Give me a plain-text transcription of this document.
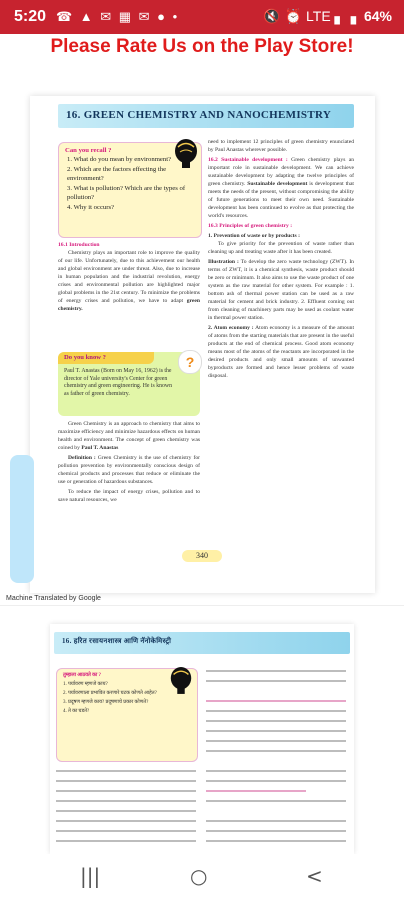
5:20 ☎ ▲ ✉ ▦ ✉ ● •	🔇 ⏰ LTE ▖▗ 64%
Please Rate Us on the Play Store!
16. GREEN CHEMISTRY AND NANOCHEMISTRY
Can you recall ?
1. What do you mean by environment?
2. Which are the factors effecting the environment?
3. What is pollution? Which are the types of pollution?
4. Why it occurs?
16.1 Introduction
Chemistry plays an important role to improve the quality of our life. Unfortunately, due to this achievement our health and global environment are under threat. Also, due to increase in human population and the industrial revolution, energy crises and environmental pollution are highlighted major global problems in the 21st century. To minimize the problems of energy crises and pollution, we have to adapt green chemistry.
Do you know ?
Paul T. Anastas (Born on May 16, 1962) is the director of Yale university's Center for green chemistry and green engineering. He is known as father of green chemistry.
?
Green Chemistry is an approach to chemistry that aims to maximize efficiency and minimize hazardous effects on human health and environment. The concept of green chemistry was coined by Paul T. Anastas
Definition : Green Chemistry is the use of chemistry for pollution prevention by environmentally conscious design of chemical products and processes that reduce or eliminate the use or generation of hazardous substances.
To reduce the impact of energy crises, pollution and to save natural resources, we
need to implement 12 principles of green chemistry enunciated by Paul Anastas wherever possible.
16.2 Sustainable development : Green chemistry plays an important role in sustainable development. We can achieve sustainable development by adapting the twelve principles of green chemistry. Sustainable development is development that meets the needs of the present, without compromising the ability of future generations to meet their own need. Sustainable development has been continued to evolve as that protecting the world's resources.
16.3 Principles of green chemistry :
1. Prevention of waste or by products :
To give priority for the prevention of waste rather than cleaning up and treating waste after it has been created.
Illustration : To develop the zero waste technology (ZWT). In terms of ZWT, it is a chemical synthesis, waste product should be zero or minimum. It also aims to use the waste product of one system as the raw material for other system. For example : 1. bottom ash of thermal power station can be used as a raw material for cement and brick industry. 2. Effluent coming out from cleaning of machinery parts may be used as coolant water in thermal power station.
2. Atom economy : Atom economy is a measure of the amount of atoms from the starting materials that are present in the useful products at the end of chemical process. Good atom economy means most of the atoms of the reactants are incorporated in the desired products and only small amounts of unwanted byproducts are formed and hence lesser problems of waste disposal.
340
Machine Translated by Google
16. हरित रसायनशास्त्र आणि नॅनोकेमिस्ट्री
तुम्हाला आठवते का ?
1. पर्यावरण म्हणजे काय?
2. पर्यावरणाला प्रभावित करणारे घटक कोणते आहेत?
3. प्रदूषण म्हणजे काय? प्रदूषणाचे प्रकार कोणते?
4. ते का घडते?
|||	○	<
